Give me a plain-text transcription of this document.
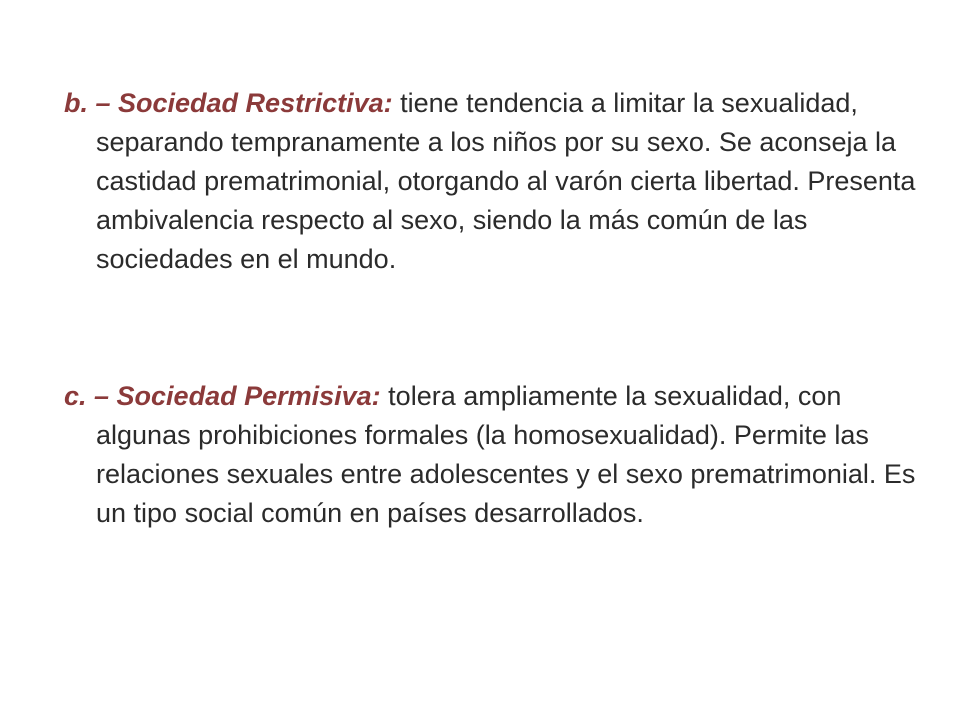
b. – Sociedad Restrictiva: tiene tendencia a limitar la sexualidad, separando tempranamente a los niños por su sexo. Se aconseja la castidad prematrimonial, otorgando al varón cierta libertad. Presenta ambivalencia respecto al sexo, siendo la más común de las sociedades en el mundo.

c. – Sociedad Permisiva: tolera ampliamente la sexualidad, con algunas prohibiciones formales (la homosexualidad). Permite las relaciones sexuales entre adolescentes y el sexo prematrimonial. Es un tipo social común en países desarrollados.
